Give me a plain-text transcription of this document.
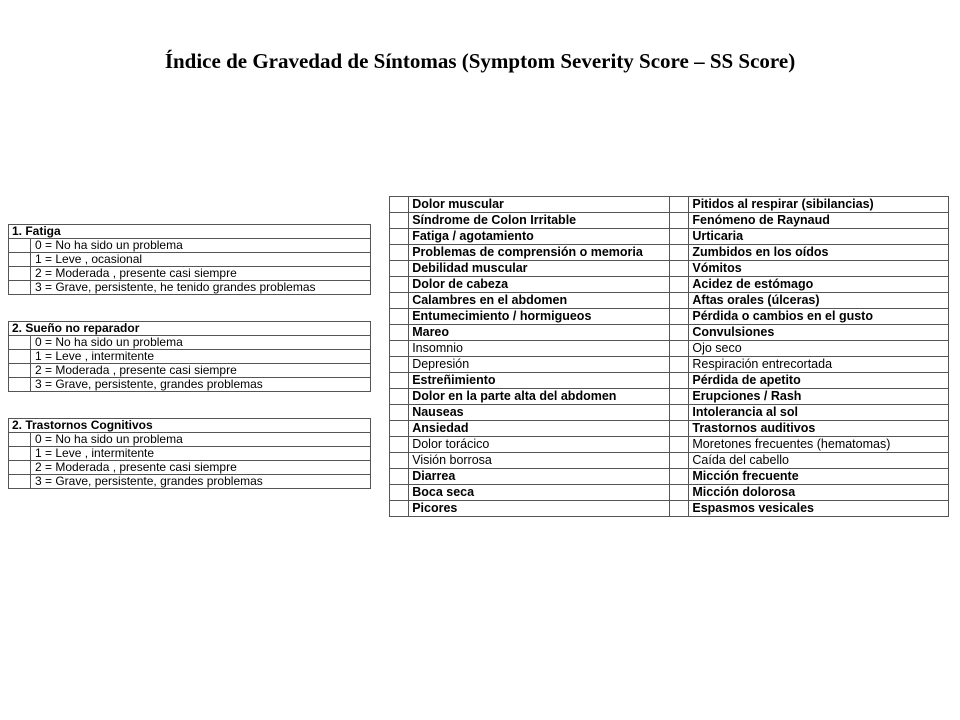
Índice de Gravedad de Síntomas (Symptom Severity Score – SS Score)
1. Fatiga	
	0 = No ha sido un problema
	1 = Leve , ocasional
	2 = Moderada , presente casi siempre
	3 = Grave, persistente, he tenido grandes problemas
2. Sueño no reparador	
	0 = No ha sido un problema
	1 = Leve , intermitente
	2 = Moderada , presente casi siempre
	3 = Grave, persistente, grandes problemas
2. Trastornos Cognitivos	
	0 = No ha sido un problema
	1 = Leve , intermitente
	2 = Moderada , presente casi siempre
	3 = Grave, persistente, grandes problemas
	Dolor muscular		Pitidos al respirar (sibilancias)
	Síndrome de Colon Irritable		Fenómeno de Raynaud
	Fatiga / agotamiento		Urticaria
	Problemas de comprensión o memoria		Zumbidos en los oídos
	Debilidad muscular		Vómitos
	Dolor de cabeza		Acidez de estómago
	Calambres en el abdomen		Aftas orales (úlceras)
	Entumecimiento / hormigueos		Pérdida o cambios en el gusto
	Mareo		Convulsiones
	Insomnio		Ojo seco
	Depresión		Respiración entrecortada
	Estreñimiento		Pérdida de apetito
	Dolor en la parte alta del abdomen		Erupciones / Rash
	Nauseas		Intolerancia al sol
	Ansiedad		Trastornos auditivos
	Dolor torácico		Moretones frecuentes (hematomas)
	Visión borrosa		Caída del cabello
	Diarrea		Micción frecuente
	Boca seca		Micción dolorosa
	Picores		Espasmos vesicales
